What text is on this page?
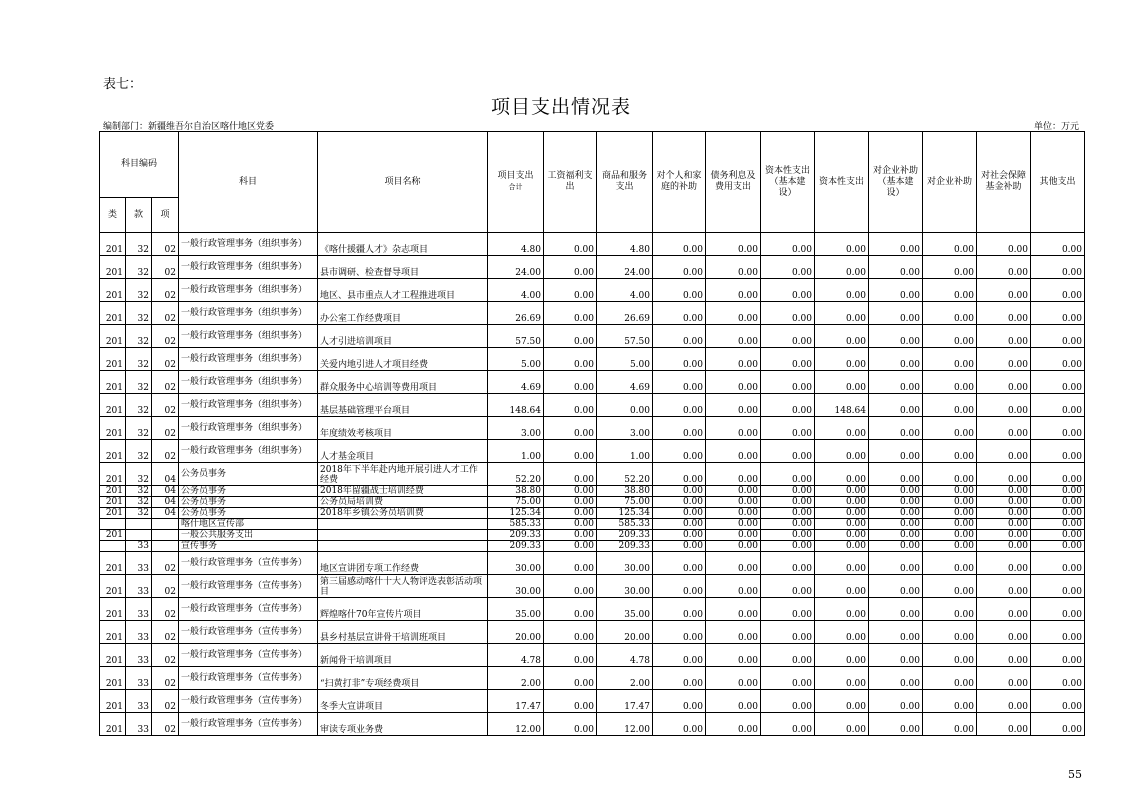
表七：
项目支出情况表
编制部门：新疆维吾尔自治区喀什地区党委	单位：万元
科目编码			科目	项目名称	项目支出
合计	工资福利支出	商品和服务支出	对个人和家庭的补助	债务利息及费用支出	资本性支出（基本建设）	资本性支出	对企业补助（基本建设）	对企业补助	对社会保障基金补助	其他支出
类	款	项													
201	32	02	一般行政管理事务（组织事务）	《喀什援疆人才》杂志项目	4.80	0.00	4.80	0.00	0.00	0.00	0.00	0.00	0.00	0.00	0.00
201	32	02	一般行政管理事务（组织事务）	县市调研、检查督导项目	24.00	0.00	24.00	0.00	0.00	0.00	0.00	0.00	0.00	0.00	0.00
201	32	02	一般行政管理事务（组织事务）	地区、县市重点人才工程推进项目	4.00	0.00	4.00	0.00	0.00	0.00	0.00	0.00	0.00	0.00	0.00
201	32	02	一般行政管理事务（组织事务）	办公室工作经费项目	26.69	0.00	26.69	0.00	0.00	0.00	0.00	0.00	0.00	0.00	0.00
201	32	02	一般行政管理事务（组织事务）	人才引进培训项目	57.50	0.00	57.50	0.00	0.00	0.00	0.00	0.00	0.00	0.00	0.00
201	32	02	一般行政管理事务（组织事务）	关爱内地引进人才项目经费	5.00	0.00	5.00	0.00	0.00	0.00	0.00	0.00	0.00	0.00	0.00
201	32	02	一般行政管理事务（组织事务）	群众服务中心培训等费用项目	4.69	0.00	4.69	0.00	0.00	0.00	0.00	0.00	0.00	0.00	0.00
201	32	02	一般行政管理事务（组织事务）	基层基础管理平台项目	148.64	0.00	0.00	0.00	0.00	0.00	148.64	0.00	0.00	0.00	0.00
201	32	02	一般行政管理事务（组织事务）	年度绩效考核项目	3.00	0.00	3.00	0.00	0.00	0.00	0.00	0.00	0.00	0.00	0.00
201	32	02	一般行政管理事务（组织事务）	人才基金项目	1.00	0.00	1.00	0.00	0.00	0.00	0.00	0.00	0.00	0.00	0.00
201	32	04	公务员事务	2018年下半年赴内地开展引进人才工作经费	52.20	0.00	52.20	0.00	0.00	0.00	0.00	0.00	0.00	0.00	0.00
201	32	04	公务员事务	2018年留疆战士培训经费	38.80	0.00	38.80	0.00	0.00	0.00	0.00	0.00	0.00	0.00	0.00
201	32	04	公务员事务	公务员局培训费	75.00	0.00	75.00	0.00	0.00	0.00	0.00	0.00	0.00	0.00	0.00
201	32	04	公务员事务	2018年乡镇公务员培训费	125.34	0.00	125.34	0.00	0.00	0.00	0.00	0.00	0.00	0.00	0.00
			喀什地区宣传部		585.33	0.00	585.33	0.00	0.00	0.00	0.00	0.00	0.00	0.00	0.00
201			一般公共服务支出		209.33	0.00	209.33	0.00	0.00	0.00	0.00	0.00	0.00	0.00	0.00
	33		宣传事务		209.33	0.00	209.33	0.00	0.00	0.00	0.00	0.00	0.00	0.00	0.00
201	33	02	一般行政管理事务（宣传事务）	地区宣讲团专项工作经费	30.00	0.00	30.00	0.00	0.00	0.00	0.00	0.00	0.00	0.00	0.00
201	33	02	一般行政管理事务（宣传事务）	第三届感动喀什十大人物评选表彰活动项目	30.00	0.00	30.00	0.00	0.00	0.00	0.00	0.00	0.00	0.00	0.00
201	33	02	一般行政管理事务（宣传事务）	辉煌喀什70年宣传片项目	35.00	0.00	35.00	0.00	0.00	0.00	0.00	0.00	0.00	0.00	0.00
201	33	02	一般行政管理事务（宣传事务）	县乡村基层宣讲骨干培训班项目	20.00	0.00	20.00	0.00	0.00	0.00	0.00	0.00	0.00	0.00	0.00
201	33	02	一般行政管理事务（宣传事务）	新闻骨干培训项目	4.78	0.00	4.78	0.00	0.00	0.00	0.00	0.00	0.00	0.00	0.00
201	33	02	一般行政管理事务（宣传事务）	“扫黄打非”专项经费项目	2.00	0.00	2.00	0.00	0.00	0.00	0.00	0.00	0.00	0.00	0.00
201	33	02	一般行政管理事务（宣传事务）	冬季大宣讲项目	17.47	0.00	17.47	0.00	0.00	0.00	0.00	0.00	0.00	0.00	0.00
201	33	02	一般行政管理事务（宣传事务）	审读专项业务费	12.00	0.00	12.00	0.00	0.00	0.00	0.00	0.00	0.00	0.00	0.00
55
